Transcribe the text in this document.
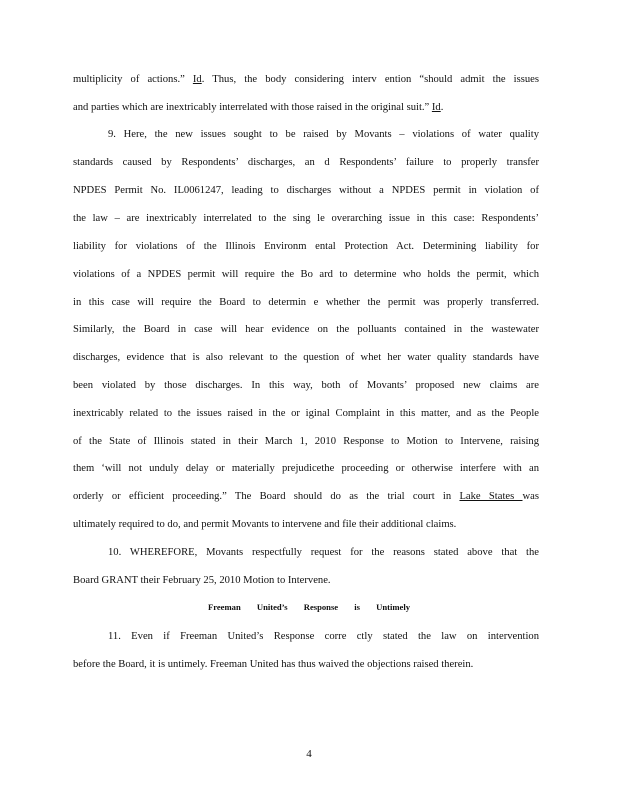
multiplicity of actions.” Id. Thus, the body considering interv ention “should admit the issues
and parties which are inextricably interrelated with those raised in the original suit.” Id.
9. Here, the new issues sought to be raised by Movants – violations of water quality
standards caused by Respondents’ discharges, an d Respondents’ failure to properly transfer
NPDES Permit No. IL0061247, leading to discharges without a NPDES permit in violation of
the law – are inextricably interrelated to the sing le overarching issue in this case: Respondents’
liability for violations of the Illinois Environm ental Protection Act. Determining liability for
violations of a NPDES permit will require the Bo ard to determine who holds the permit, which
in this case will require the Board to determin e whether the permit was properly transferred.
Similarly, the Board in case will hear evidence on the polluants contained in the wastewater
discharges, evidence that is also relevant to the question of whet her water quality standards have
been violated by those discharges. In this way, both of Movants’ proposed new claims are
inextricably related to the issues raised in the or iginal Complaint in this matter, and as the People
of the State of Illinois stated in their March 1, 2010 Response to Motion to Intervene, raising
them ‘will not unduly delay or materially prejudicethe proceeding or otherwise interfere with an
orderly or efficient proceeding.” The Board should do as the trial court in Lake States was
ultimately required to do, and permit Movants to intervene and file their additional claims.
10. WHEREFORE, Movants respectfully request for the reasons stated above that the
Board GRANT their February 25, 2010 Motion to Intervene.
11. Even if Freeman United’s Response corre ctly stated the law on intervention
before the Board, it is untimely. Freeman United has thus waived the objections raised therein.
Freeman United’s Response is Untimely
4
